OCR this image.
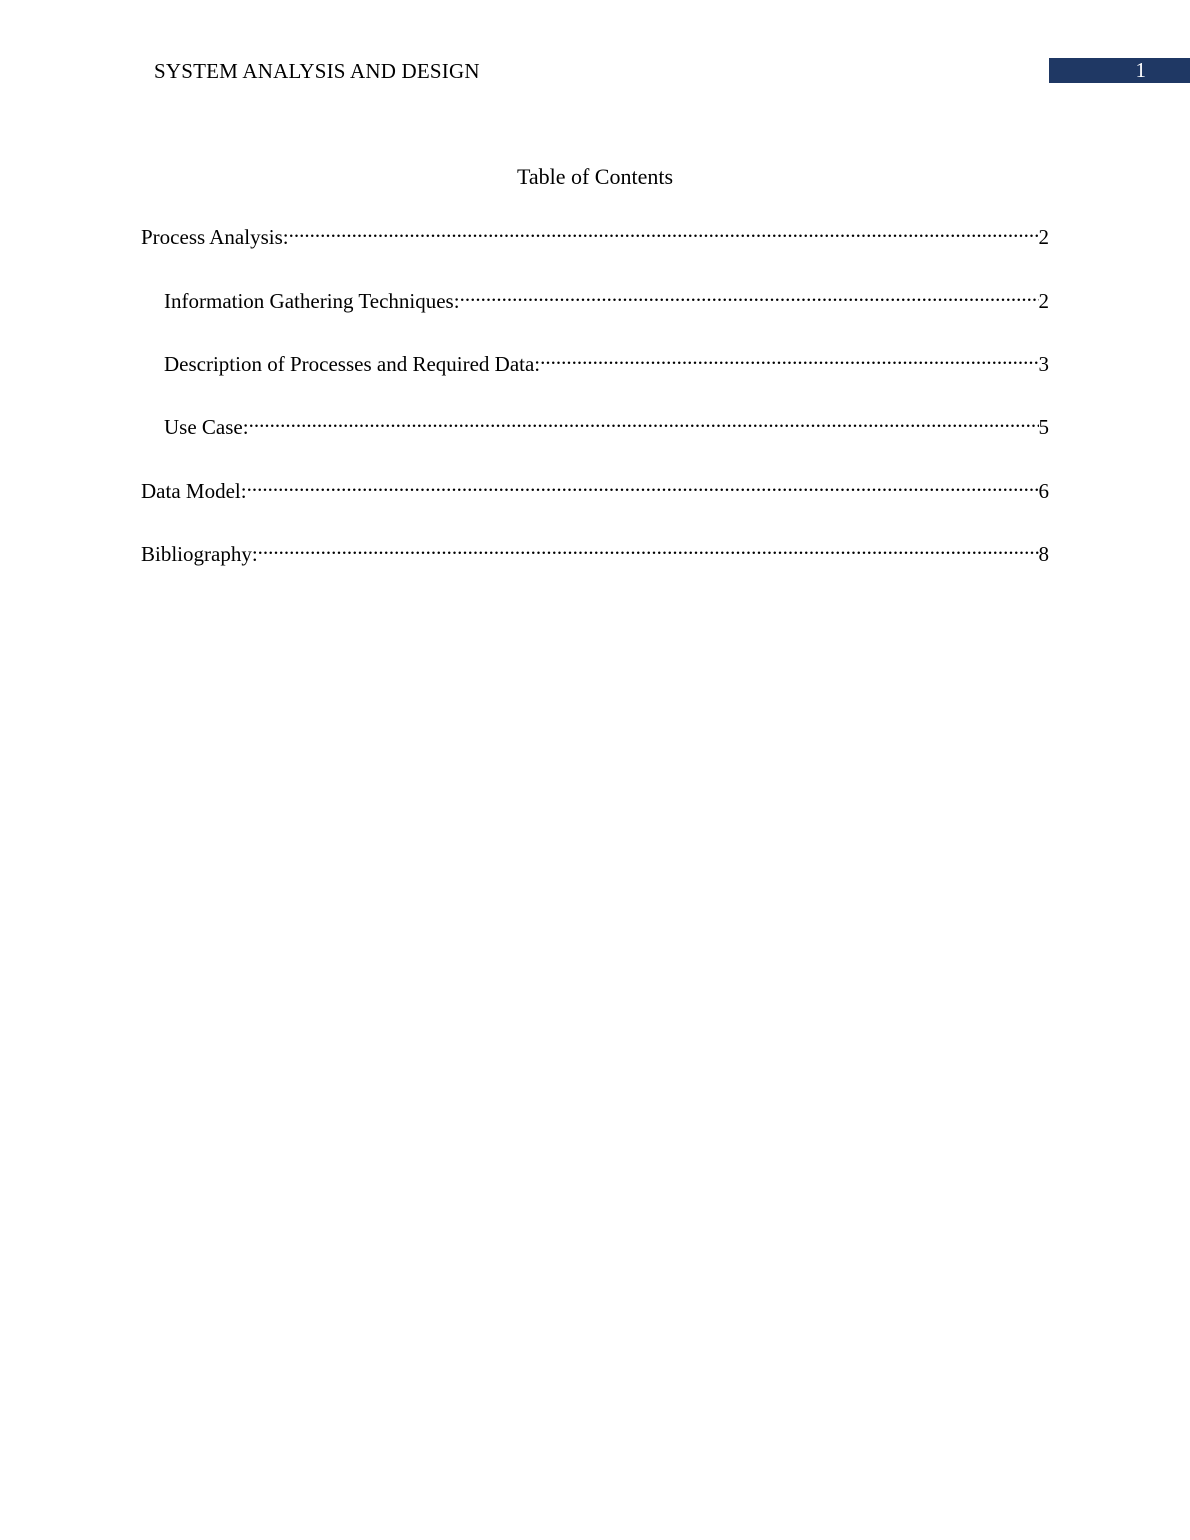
SYSTEM ANALYSIS AND DESIGN	1
Table of Contents
Process Analysis: .....	2
Information Gathering Techniques: .....	2
Description of Processes and Required Data: .....	3
Use Case: .....	5
Data Model: .....	6
Bibliography: .....	8
